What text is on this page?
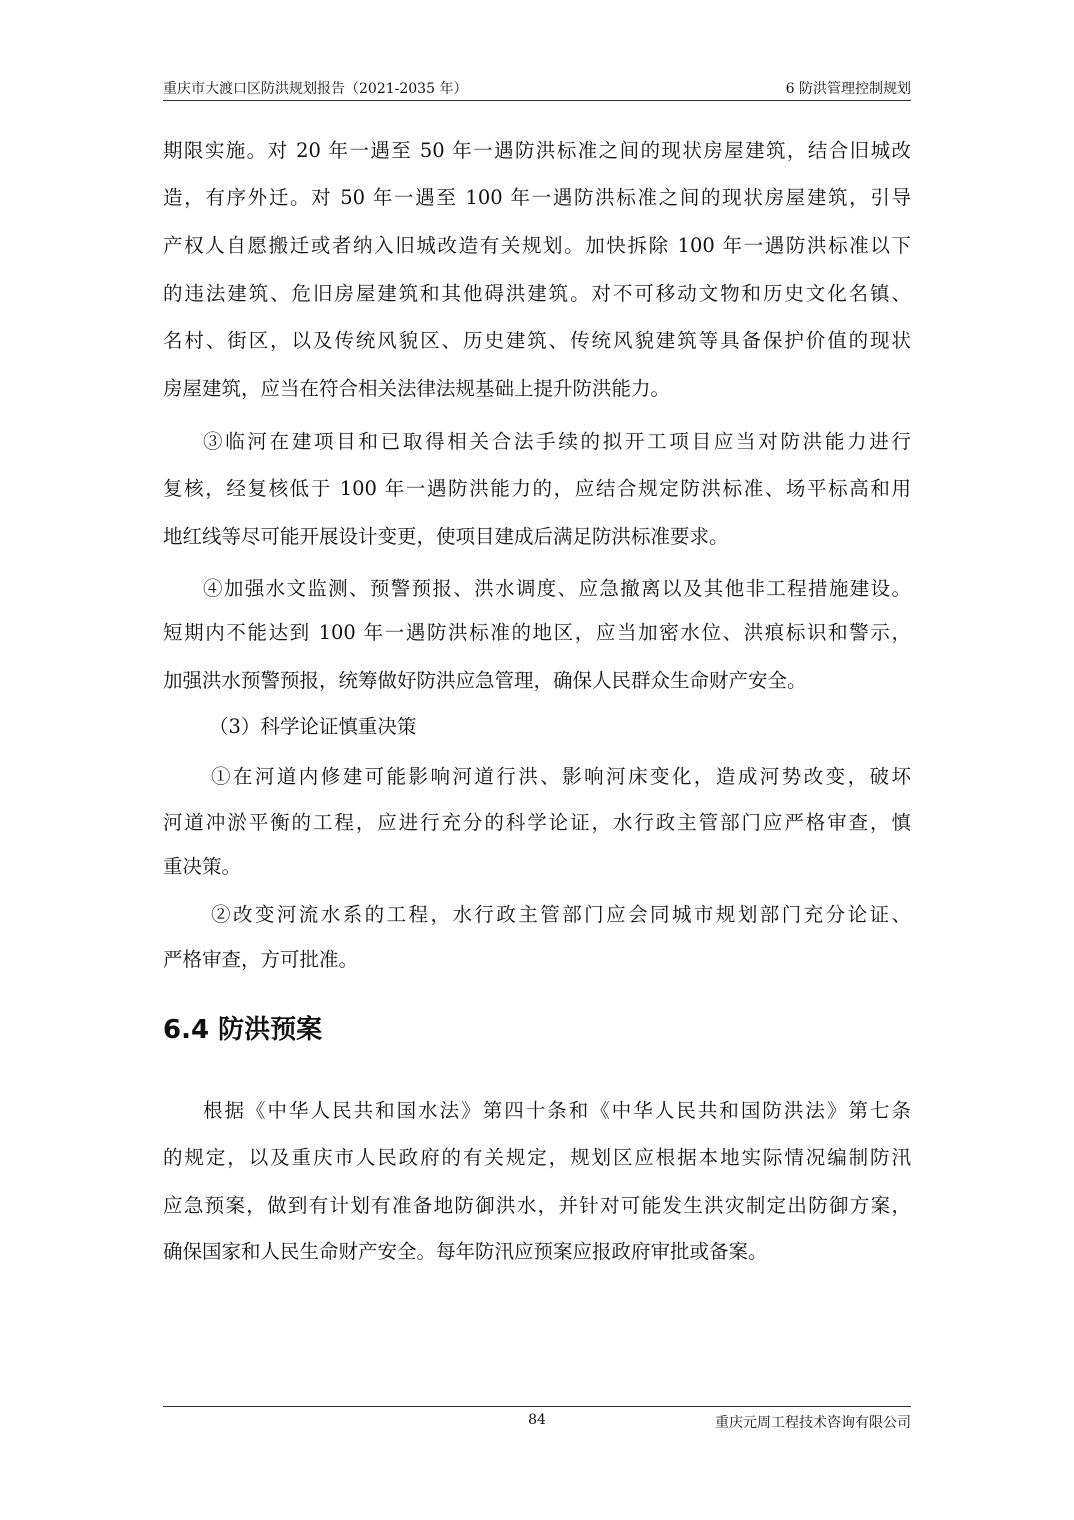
重庆市大渡口区防洪规划报告（2021-2035 年）	6 防洪管理控制规划
期限实施。对 20 年一遇至 50 年一遇防洪标准之间的现状房屋建筑，结合旧城改
造，有序外迁。对 50 年一遇至 100 年一遇防洪标准之间的现状房屋建筑，引导
产权人自愿搬迁或者纳入旧城改造有关规划。加快拆除 100 年一遇防洪标准以下
的违法建筑、危旧房屋建筑和其他碍洪建筑。对不可移动文物和历史文化名镇、
名村、街区，以及传统风貌区、历史建筑、传统风貌建筑等具备保护价值的现状
房屋建筑，应当在符合相关法律法规基础上提升防洪能力。
③临河在建项目和已取得相关合法手续的拟开工项目应当对防洪能力进行
复核，经复核低于 100 年一遇防洪能力的，应结合规定防洪标准、场平标高和用
地红线等尽可能开展设计变更，使项目建成后满足防洪标准要求。
④加强水文监测、预警预报、洪水调度、应急撤离以及其他非工程措施建设。
短期内不能达到 100 年一遇防洪标准的地区，应当加密水位、洪痕标识和警示，
加强洪水预警预报，统筹做好防洪应急管理，确保人民群众生命财产安全。
（3）科学论证慎重决策
①在河道内修建可能影响河道行洪、影响河床变化，造成河势改变，破坏
河道冲淤平衡的工程，应进行充分的科学论证，水行政主管部门应严格审查，慎
重决策。
②改变河流水系的工程，水行政主管部门应会同城市规划部门充分论证、
严格审查，方可批准。
6.4 防洪预案
根据《中华人民共和国水法》第四十条和《中华人民共和国防洪法》第七条
的规定，以及重庆市人民政府的有关规定，规划区应根据本地实际情况编制防汛
应急预案，做到有计划有准备地防御洪水，并针对可能发生洪灾制定出防御方案，
确保国家和人民生命财产安全。每年防汛应预案应报政府审批或备案。
84	重庆元周工程技术咨询有限公司
